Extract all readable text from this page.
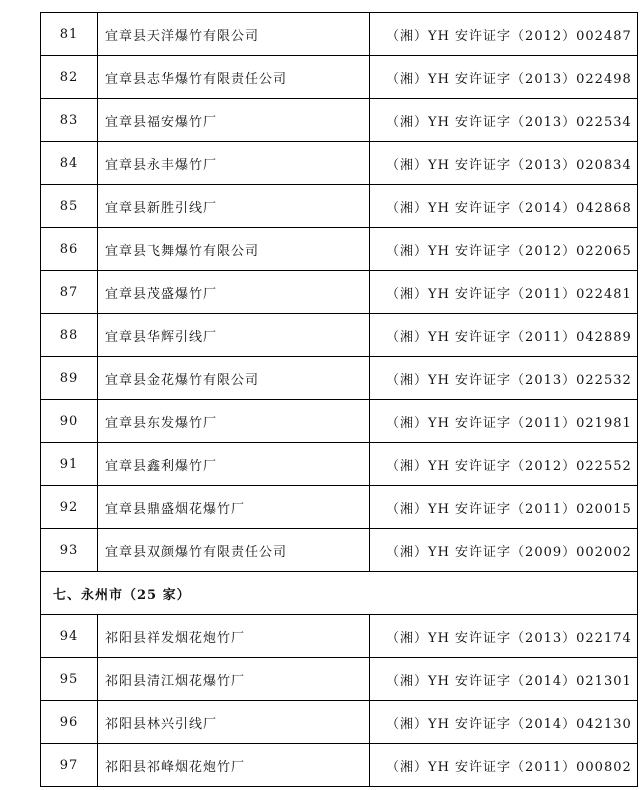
81	宜章县天洋爆竹有限公司	（湘）YH 安许证字（2012）002487
82	宜章县志华爆竹有限责任公司	（湘）YH 安许证字（2013）022498
83	宜章县福安爆竹厂	（湘）YH 安许证字（2013）022534
84	宜章县永丰爆竹厂	（湘）YH 安许证字（2013）020834
85	宜章县新胜引线厂	（湘）YH 安许证字（2014）042868
86	宜章县飞舞爆竹有限公司	（湘）YH 安许证字（2012）022065
87	宜章县茂盛爆竹厂	（湘）YH 安许证字（2011）022481
88	宜章县华辉引线厂	（湘）YH 安许证字（2011）042889
89	宜章县金花爆竹有限公司	（湘）YH 安许证字（2013）022532
90	宜章县东发爆竹厂	（湘）YH 安许证字（2011）021981
91	宜章县鑫利爆竹厂	（湘）YH 安许证字（2012）022552
92	宜章县鼎盛烟花爆竹厂	（湘）YH 安许证字（2011）020015
93	宜章县双颜爆竹有限责任公司	（湘）YH 安许证字（2009）002002
七、永州市（25 家）		
94	祁阳县祥发烟花炮竹厂	（湘）YH 安许证字（2013）022174
95	祁阳县清江烟花爆竹厂	（湘）YH 安许证字（2014）021301
96	祁阳县林兴引线厂	（湘）YH 安许证字（2014）042130
97	祁阳县祁峰烟花炮竹厂	（湘）YH 安许证字（2011）000802
